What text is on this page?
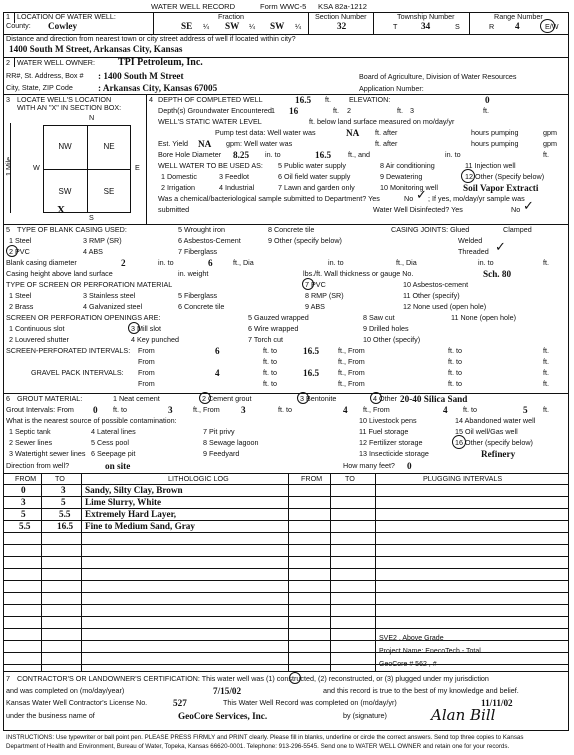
WATER WELL RECORD	Form WWC-5 KSA 82a-1212
1 LOCATION OF WATER WELL:
County: Cowley
Fraction
SE ¼ SW ¼ SW ¼
Section Number
32
Township Number
T	34	S
Range Number
R 4	E/W
Distance and direction from nearest town or city street address of well if located within city?
1400 South M Street, Arkansas City, Kansas
2 WATER WELL OWNER: TPI Petroleum, Inc.
RR#, St. Address, Box # : 1400 South M Street
City, State, ZIP Code	: Arkansas City, Kansas 67005
Board of Agriculture, Division of Water Resources
Application Number:
3 LOCATE WELL'S LOCATION
WITH AN "X" IN SECTION BOX:
N
S
W	E
1 Mile
NW	NE
SW	SE
X
4 DEPTH OF COMPLETED WELL	16.5 ft.	ELEVATION:	0
Depth(s) Groundwater Encountered 1 16	ft. 2	ft. 3	ft.
WELL'S STATIC WATER LEVEL	ft. below land surface measured on mo/day/yr
Pump test data: Well water was	NA ft. after	hours pumping	gpm
Est. Yield NA gpm: Well water was	ft. after	hours pumping	gpm
Bore Hole Diameter 8.25 in. to	16.5 ft., and	in. to	ft.
WELL WATER TO BE USED AS: 5 Public water supply	8 Air conditioning	11 Injection well
1 Domestic	3 Feedlot	6 Oil field water supply	9 Dewatering	12 Other (Specify below)
2 Irrigation	4 Industrial	7 Lawn and garden only	10 Monitoring well	Soil Vapor Extracti
Was a chemical/bacteriological sample submitted to Department? Yes	No ✓ ; If yes, mo/day/yr sample was
submitted	Water Well Disinfected? Yes	No ✓
5 TYPE OF BLANK CASING USED:	5 Wrought iron	8 Concrete tile
1 Steel	3 RMP (SR)	6 Asbestos-Cement	9 Other (specify below)
2 PVC	4 ABS	7 Fiberglass
CASING JOINTS: Glued	Clamped
Welded
Threaded ✓
Blank casing diameter	2	in. to	6	ft., Dia	in. to	ft., Dia	in. to	ft.
Casing height above land surface	in. weight	lbs./ft. Wall thickness or gauge No.	Sch. 80
TYPE OF SCREEN OR PERFORATION MATERIAL	7 PVC	10 Asbestos-cement
1 Steel	3 Stainless steel	5 Fiberglass	8 RMP (SR)	11 Other (specify)
2 Brass	4 Galvanized steel	6 Concrete tile	9 ABS	12 None used (open hole)
SCREEN OR PERFORATION OPENINGS ARE:	5 Gauzed wrapped	8 Saw cut	11 None (open hole)
1 Continuous slot	3 Mill slot	6 Wire wrapped	9 Drilled holes
2 Louvered shutter	4 Key punched	7 Torch cut	10 Other (specify)
SCREEN-PERFORATED INTERVALS: From	6	ft. to	16.5	ft., From	ft. to	ft.
From	ft. to	ft., From	ft. to	ft.
GRAVEL PACK INTERVALS: From	4	ft. to	16.5	ft., From	ft. to	ft.
From	ft. to	ft., From	ft. to	ft.
6 GROUT MATERIAL:	1 Neat cement	2 Cement grout	3 Bentonite	4 Other 20-40 Silica Sand
Grout Intervals: From 0 ft. to	3	ft., From 3	ft. to	4 ft., From	4 ft. to	5 ft.
What is the nearest source of possible contamination:	10 Livestock pens	14 Abandoned water well
1 Septic tank	4 Lateral lines	7 Pit privy	11 Fuel storage	15 Oil well/Gas well
2 Sewer lines	5 Cess pool	8 Sewage lagoon	12 Fertilizer storage	16 Other (specify below)
3 Watertight sewer lines 6 Seepage pit	9 Feedyard	13 Insecticide storage	Refinery
Direction from well?	on site	How many feet? 0
FROM	TO	LITHOLOGIC LOG	FROM	TO	PLUGGING INTERVALS
0	3 Sandy, Silty Clay, Brown
3	5 Lime Slurry, White
5	5.5 Extremely Hard Layer,
5.5	16.5 Fine to Medium Sand, Gray
SVE2 , Above Grade
Project Name: EnecoTech - Total
GeoCore # 562 , #
7 CONTRACTOR'S OR LANDOWNER'S CERTIFICATION: This water well was (1) constructed, (2) reconstructed, or (3) plugged under my jurisdiction
and was completed on (mo/day/year)	7/15/02	and this record is true to the best of my knowledge and belief.
Kansas Water Well Contractor's License No.	527	This Water Well Record was completed on (mo/day/yr)	11/11/02
under the business name of	GeoCore Services, Inc.	by (signature)	Alan Bill
INSTRUCTIONS: Use typewriter or ball point pen. PLEASE PRESS FIRMLY and PRINT clearly. Please fill in blanks, underline or circle the correct answers. Send top three copies to Kansas
Department of Health and Environment, Bureau of Water, Topeka, Kansas 66620-0001. Telephone: 913-296-5545. Send one to WATER WELL OWNER and retain one for your records.
